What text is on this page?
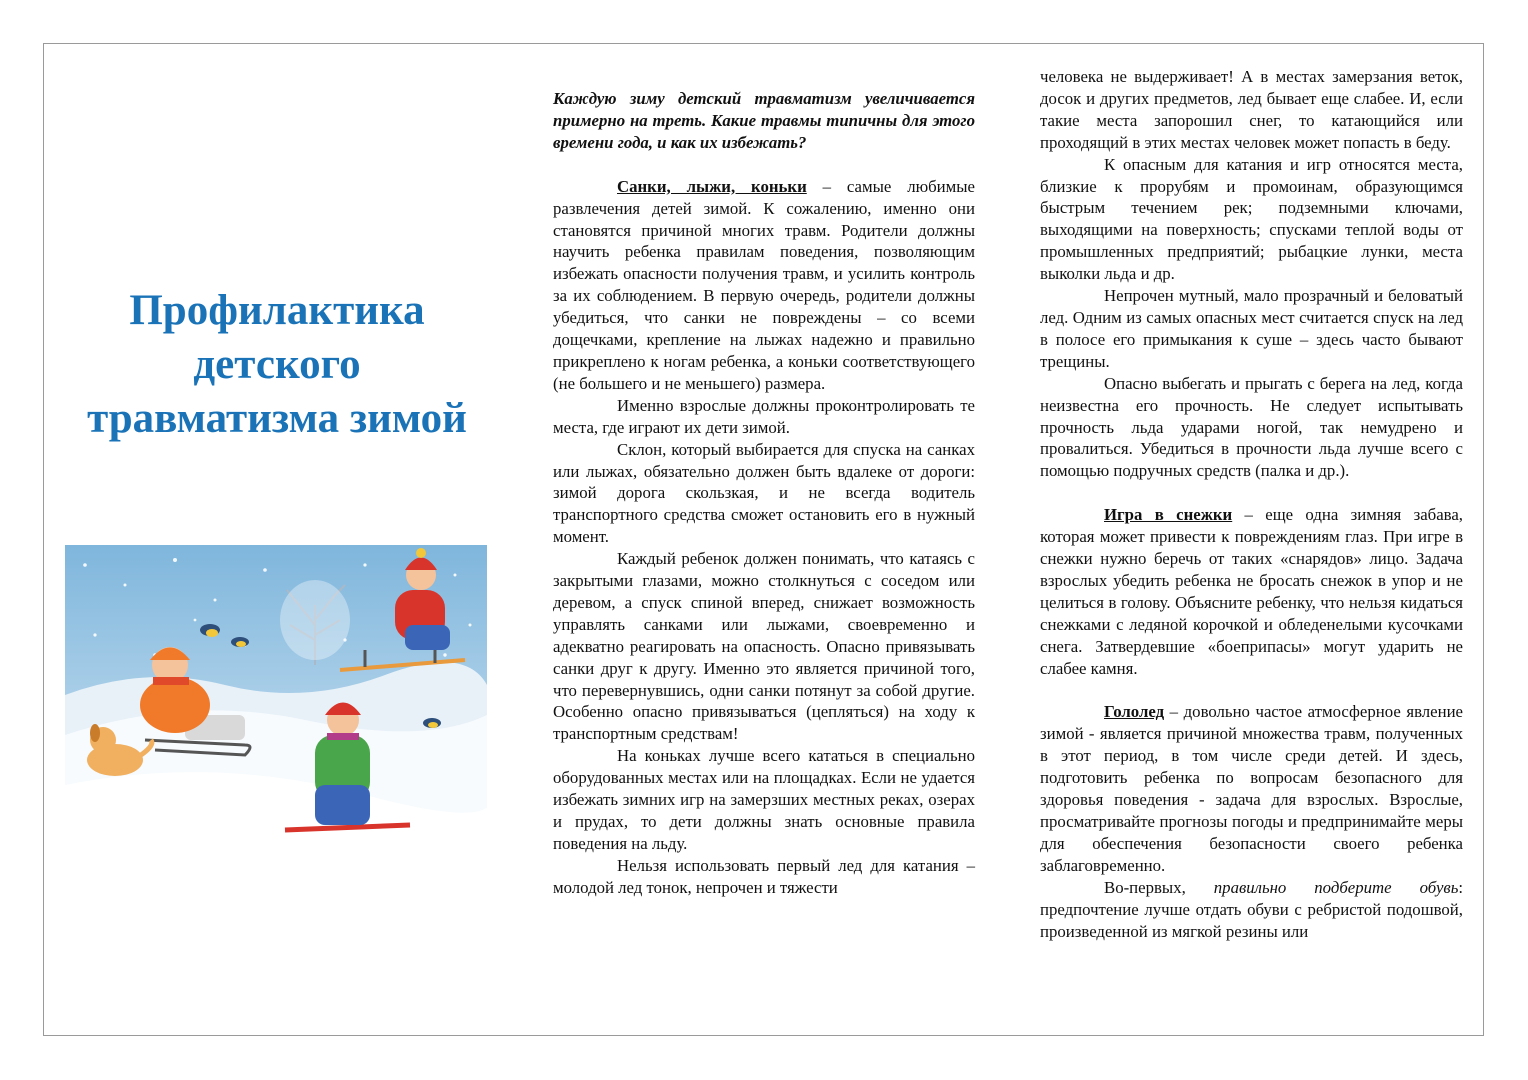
Профилактика
детского
травматизма зимой

Каждую зиму детский травматизм увеличивается примерно на треть. Какие травмы типичны для этого времени года, и как их избежать?

Санки, лыжи, коньки – самые любимые развлечения детей зимой. К сожалению, именно они становятся причиной многих травм. Родители должны научить ребенка правилам поведения, позволяющим избежать опасности получения травм, и усилить контроль за их соблюдением. В первую очередь, родители должны убедиться, что санки не повреждены – со всеми дощечками, крепление на лыжах надежно и правильно прикреплено к ногам ребенка, а коньки соответствующего (не большего и не меньшего) размера.

Именно взрослые должны проконтролировать те места, где играют их дети зимой.

Склон, который выбирается для спуска на санках или лыжах, обязательно должен быть вдалеке от дороги: зимой дорога скользкая, и не всегда водитель транспортного средства сможет остановить его в нужный момент.

Каждый ребенок должен понимать, что катаясь с закрытыми глазами, можно столкнуться с соседом или деревом, а спуск спиной вперед, снижает возможность управлять санками или лыжами, своевременно и адекватно реагировать на опасность. Опасно привязывать санки друг к другу. Именно это является причиной того, что перевернувшись, одни санки потянут за собой другие. Особенно опасно привязываться (цепляться) на ходу к транспортным средствам!

На коньках лучше всего кататься в специально оборудованных местах или на площадках. Если не удается избежать зимних игр на замерзших местных реках, озерах и прудах, то дети должны знать основные правила поведения на льду.

Нельзя использовать первый лед для катания – молодой лед тонок, непрочен и тяжести

человека не выдерживает! А в местах замерзания веток, досок и других предметов, лед бывает еще слабее. И, если такие места запорошил снег, то катающийся или проходящий в этих местах человек может попасть в беду.

К опасным для катания и игр относятся места, близкие к прорубям и промоинам, образующимся быстрым течением рек; подземными ключами, выходящими на поверхность; спусками теплой воды от промышленных предприятий; рыбацкие лунки, места выколки льда и др.

Непрочен мутный, мало прозрачный и беловатый лед. Одним из самых опасных мест считается спуск на лед в полосе его примыкания к суше – здесь часто бывают трещины.

Опасно выбегать и прыгать с берега на лед, когда неизвестна его прочность. Не следует испытывать прочность льда ударами ногой, так немудрено и провалиться. Убедиться в прочности льда лучше всего с помощью подручных средств (палка и др.).

Игра в снежки – еще одна зимняя забава, которая может привести к повреждениям глаз. При игре в снежки нужно беречь от таких «снарядов» лицо. Задача взрослых убедить ребенка не бросать снежок в упор и не целиться в голову. Объясните ребенку, что нельзя кидаться снежками с ледяной корочкой и обледенелыми кусочками снега. Затвердевшие «боеприпасы» могут ударить не слабее камня.

Гололед – довольно частое атмосферное явление зимой - является причиной множества травм, полученных в этот период, в том числе среди детей. И здесь, подготовить ребенка по вопросам безопасного для здоровья поведения - задача для взрослых. Взрослые, просматривайте прогнозы погоды и предпринимайте меры для обеспечения безопасности своего ребенка заблаговременно.

Во-первых, правильно подберите обувь: предпочтение лучше отдать обуви с ребристой подошвой, произведенной из мягкой резины или
